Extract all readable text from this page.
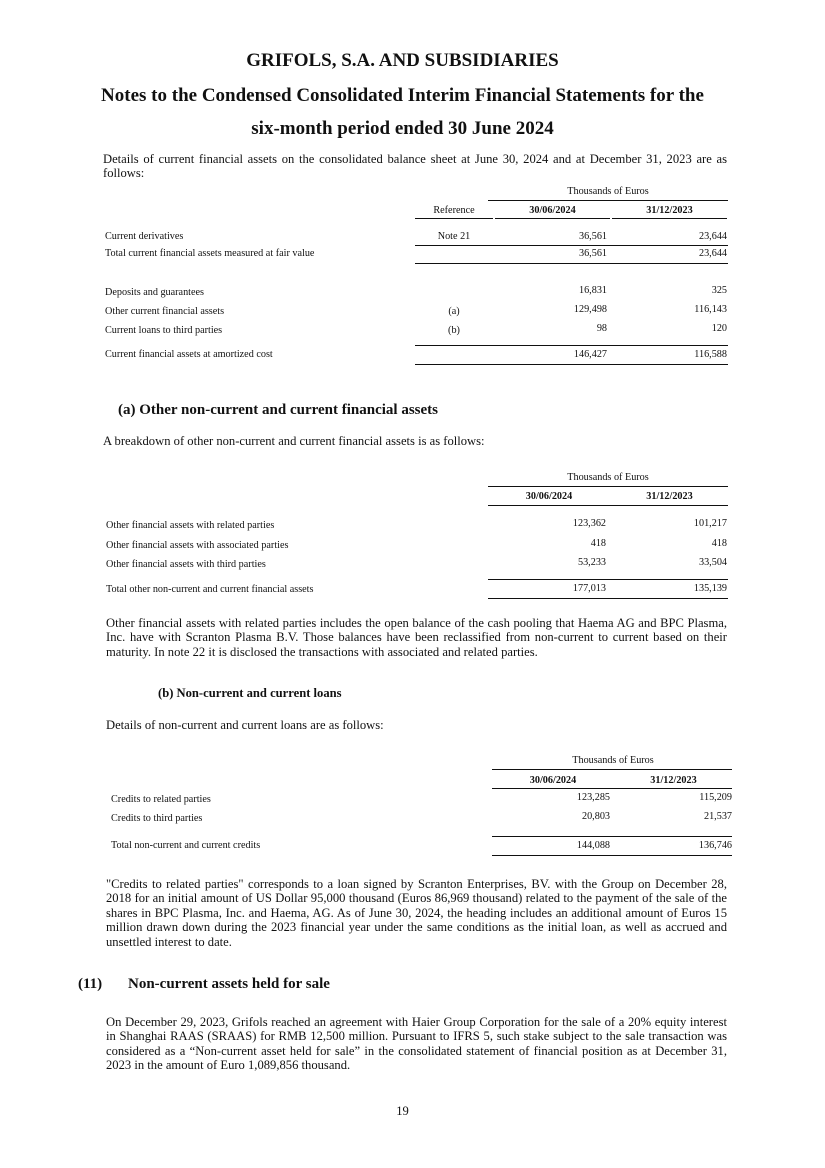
GRIFOLS, S.A. AND SUBSIDIARIES
Notes to the Condensed Consolidated Interim Financial Statements for the
six-month period ended 30 June 2024
Details of current financial assets on the consolidated balance sheet at June 30, 2024 and at December 31, 2023 are as follows:
Thousands of Euros
Reference	30/06/2024	31/12/2023
Current derivatives	Note 21	36,561	23,644
Total current financial assets measured at fair value	36,561	23,644
Deposits and guarantees	16,831	325
Other current financial assets	(a)	129,498	116,143
Current loans to third parties	(b)	98	120
Current financial assets at amortized cost	146,427	116,588
(a) Other non-current and current financial assets
A breakdown of other non-current and current financial assets is as follows:
Thousands of Euros
30/06/2024	31/12/2023
Other financial assets with related parties	123,362	101,217
Other financial assets with associated parties	418	418
Other financial assets with third parties	53,233	33,504
Total other non-current and current financial assets	177,013	135,139
Other financial assets with related parties includes the open balance of the cash pooling that Haema AG and BPC Plasma, Inc. have with Scranton Plasma B.V. Those balances have been reclassified from non-current to current based on their maturity. In note 22 it is disclosed the transactions with associated and related parties.
(b) Non-current and current loans
Details of non-current and current loans are as follows:
Thousands of Euros
30/06/2024	31/12/2023
Credits to related parties	123,285	115,209
Credits to third parties	20,803	21,537
Total non-current and current credits	144,088	136,746
"Credits to related parties" corresponds to a loan signed by Scranton Enterprises, BV. with the Group on December 28, 2018 for an initial amount of US Dollar 95,000 thousand (Euros 86,969 thousand) related to the payment of the sale of the shares in BPC Plasma, Inc. and Haema, AG. As of June 30, 2024, the heading includes an additional amount of Euros 15 million drawn down during the 2023 financial year under the same conditions as the initial loan, as well as accrued and unsettled interest to date.
(11) Non-current assets held for sale
On December 29, 2023, Grifols reached an agreement with Haier Group Corporation for the sale of a 20% equity interest in Shanghai RAAS (SRAAS) for RMB 12,500 million. Pursuant to IFRS 5, such stake subject to the sale transaction was considered as a “Non-current asset held for sale” in the consolidated statement of financial position as at December 31, 2023 in the amount of Euro 1,089,856 thousand.
19
